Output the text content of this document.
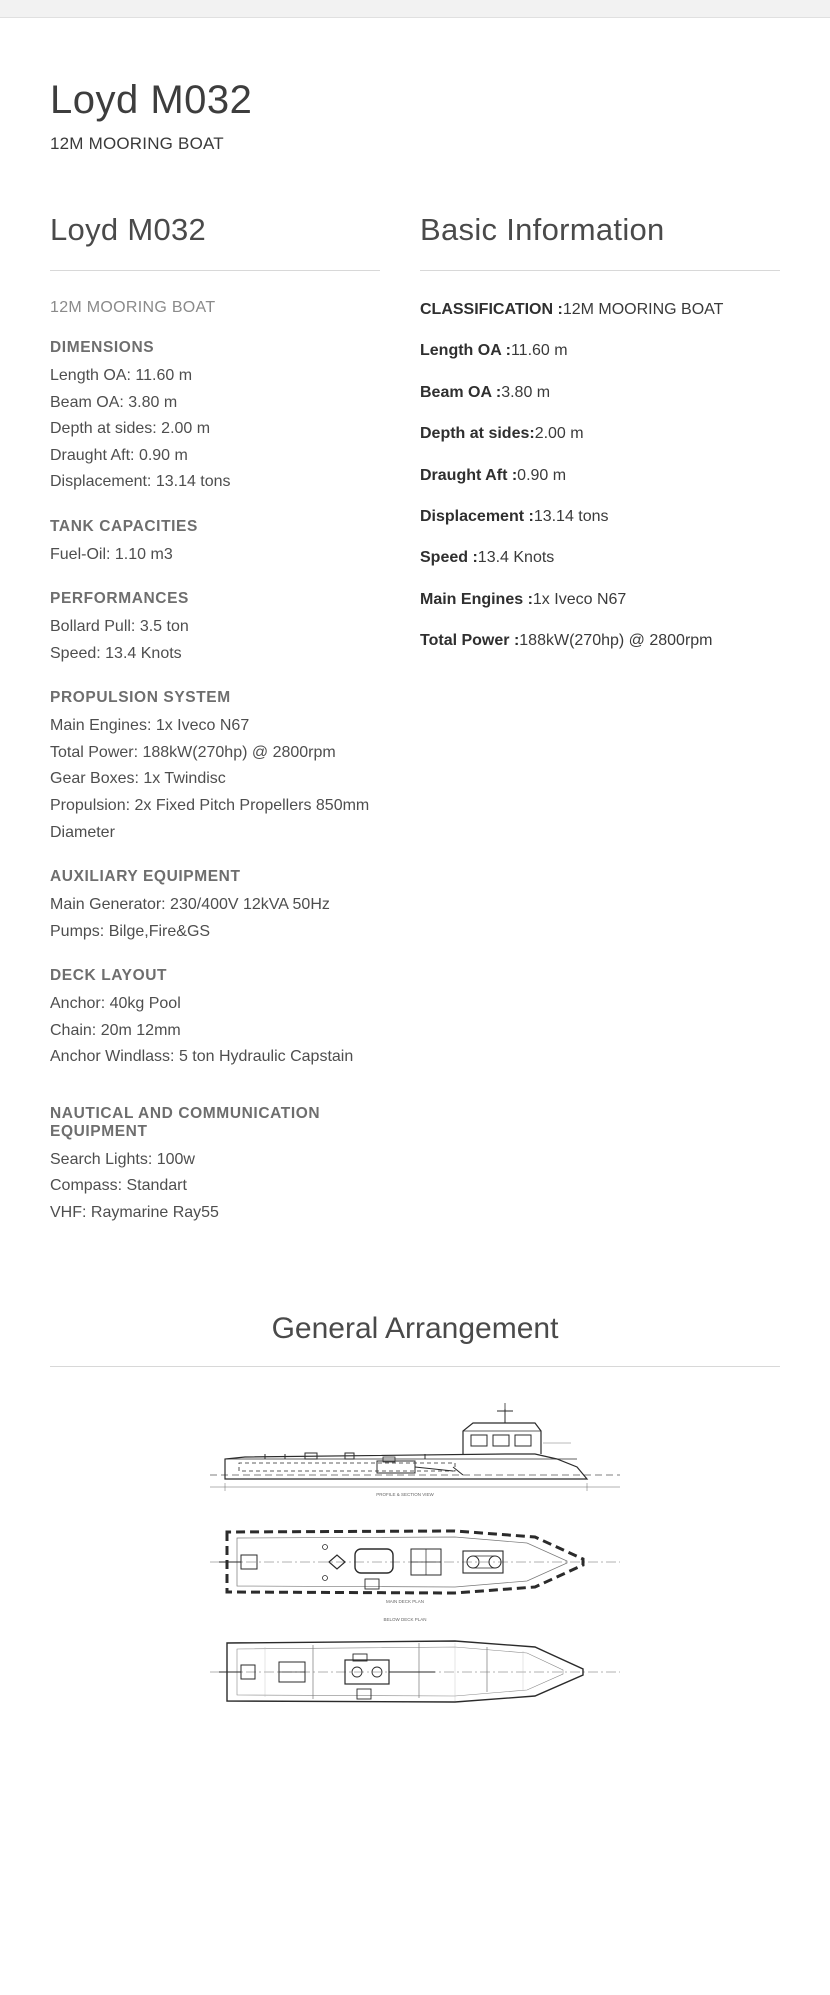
Loyd M032
12M MOORING BOAT
Loyd M032
12M MOORING BOAT
DIMENSIONS
Length OA: 11.60 m
Beam OA: 3.80 m
Depth at sides: 2.00 m
Draught Aft: 0.90 m
Displacement: 13.14 tons
TANK CAPACITIES
Fuel-Oil: 1.10 m3
PERFORMANCES
Bollard Pull: 3.5 ton
Speed: 13.4 Knots
PROPULSION SYSTEM
Main Engines: 1x Iveco N67
Total Power: 188kW(270hp) @ 2800rpm
Gear Boxes: 1x Twindisc
Propulsion: 2x Fixed Pitch Propellers 850mm Diameter
AUXILIARY EQUIPMENT
Main Generator: 230/400V 12kVA 50Hz
Pumps: Bilge,Fire&GS
DECK LAYOUT
Anchor: 40kg Pool
Chain: 20m 12mm
Anchor Windlass: 5 ton Hydraulic Capstain
NAUTICAL AND COMMUNICATION EQUIPMENT
Search Lights: 100w
Compass: Standart
VHF: Raymarine Ray55
Basic Information
CLASSIFICATION :12M MOORING BOAT
Length OA :11.60 m
Beam OA :3.80 m
Depth at sides:2.00 m
Draught Aft :0.90 m
Displacement :13.14 tons
Speed :13.4 Knots
Main Engines :1x Iveco N67
Total Power :188kW(270hp) @ 2800rpm
General Arrangement
PROFILE & SECTION VIEW
MAIN DECK PLAN
BELOW DECK PLAN
